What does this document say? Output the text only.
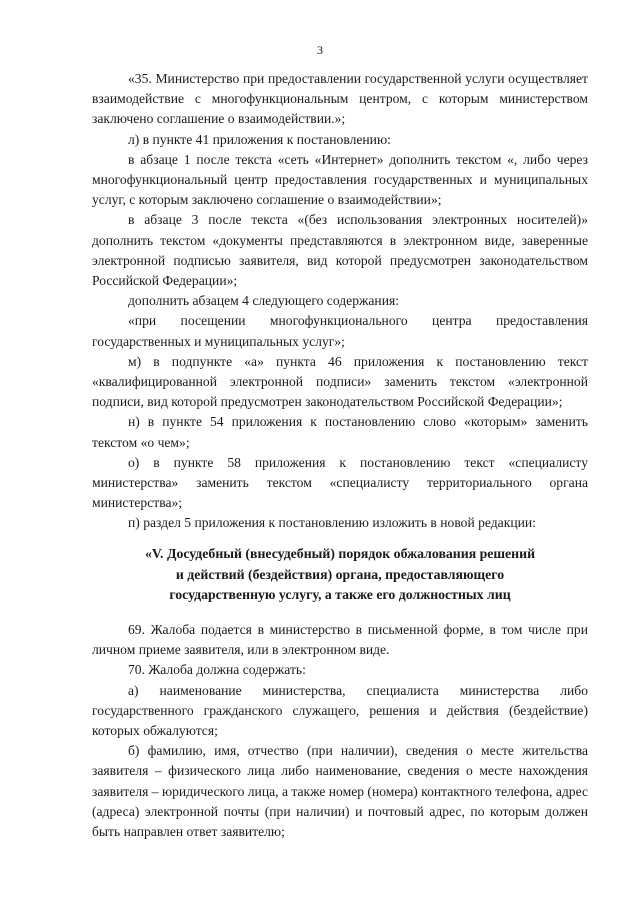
3

«35. Министерство при предоставлении государственной услуги осуществляет взаимодействие с многофункциональным центром, с которым министерством заключено соглашение о взаимодействии.»;

л) в пункте 41 приложения к постановлению:

в абзаце 1 после текста «сеть «Интернет» дополнить текстом «, либо через многофункциональный центр предоставления государственных и муниципальных услуг, с которым заключено соглашение о взаимодействии»;

в абзаце 3 после текста «(без использования электронных носителей)» дополнить текстом «документы представляются в электронном виде, заверенные электронной подписью заявителя, вид которой предусмотрен законодательством Российской Федерации»;

дополнить абзацем 4 следующего содержания:

«при посещении многофункционального центра предоставления государственных и муниципальных услуг»;

м) в подпункте «а» пункта 46 приложения к постановлению текст «квалифицированной электронной подписи» заменить текстом «электронной подписи, вид которой предусмотрен законодательством Российской Федерации»;

н) в пункте 54 приложения к постановлению слово «которым» заменить текстом «о чем»;

о) в пункте 58 приложения к постановлению текст «специалисту министерства» заменить текстом «специалисту территориального органа министерства»;

п) раздел 5 приложения к постановлению изложить в новой редакции:

«V. Досудебный (внесудебный) порядок обжалования решений
и действий (бездействия) органа, предоставляющего
государственную услугу, а также его должностных лиц

69. Жалоба подается в министерство в письменной форме, в том числе при личном приеме заявителя, или в электронном виде.

70. Жалоба должна содержать:

а) наименование министерства, специалиста министерства либо государственного гражданского служащего, решения и действия (бездействие) которых обжалуются;

б) фамилию, имя, отчество (при наличии), сведения о месте жительства заявителя – физического лица либо наименование, сведения о месте нахождения заявителя – юридического лица, а также номер (номера) контактного телефона, адрес (адреса) электронной почты (при наличии) и почтовый адрес, по которым должен быть направлен ответ заявителю;
